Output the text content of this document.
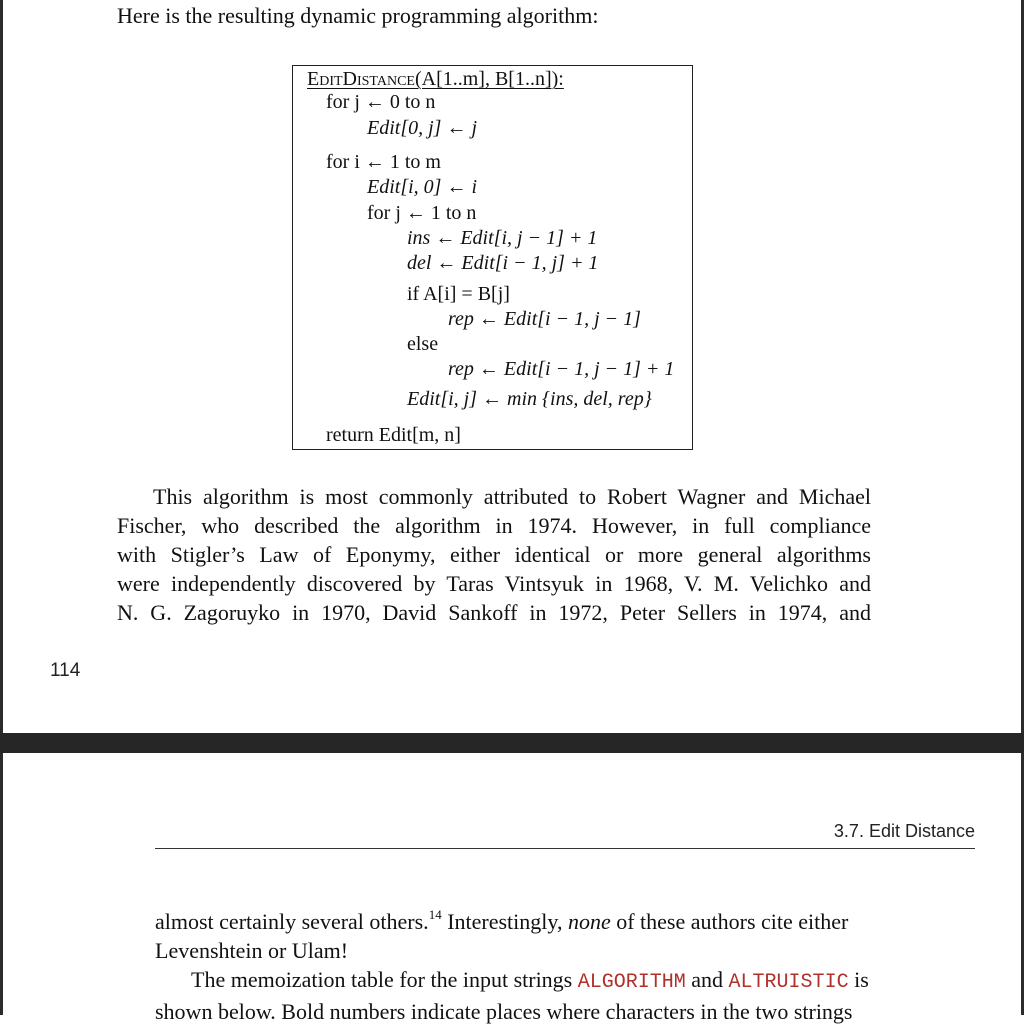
Here is the resulting dynamic programming algorithm:
EditDistance(A[1..m], B[1..n]):
for j ← 0 to n
Edit[0, j] ← j
for i ← 1 to m
Edit[i, 0] ← i
for j ← 1 to n
ins ← Edit[i, j − 1] + 1
del ← Edit[i − 1, j] + 1
if A[i] = B[j]
rep ← Edit[i − 1, j − 1]
else
rep ← Edit[i − 1, j − 1] + 1
Edit[i, j] ← min {ins, del, rep}
return Edit[m, n]

This algorithm is most commonly attributed to Robert Wagner and Michael

Fischer, who described the algorithm in 1974. However, in full compliance

with Stigler’s Law of Eponymy, either identical or more general algorithms

were independently discovered by Taras Vintsyuk in 1968, V. M. Velichko and

N. G. Zagoruyko in 1970, David Sankoff in 1972, Peter Sellers in 1974, and

114
3.7. Edit Distance

almost certainly several others.$^{14}$ Interestingly, none of these authors cite either

Levenshtein or Ulam!

The memoization table for the input strings ALGORITHM and ALTRUISTIC is

shown below. Bold numbers indicate places where characters in the two strings
